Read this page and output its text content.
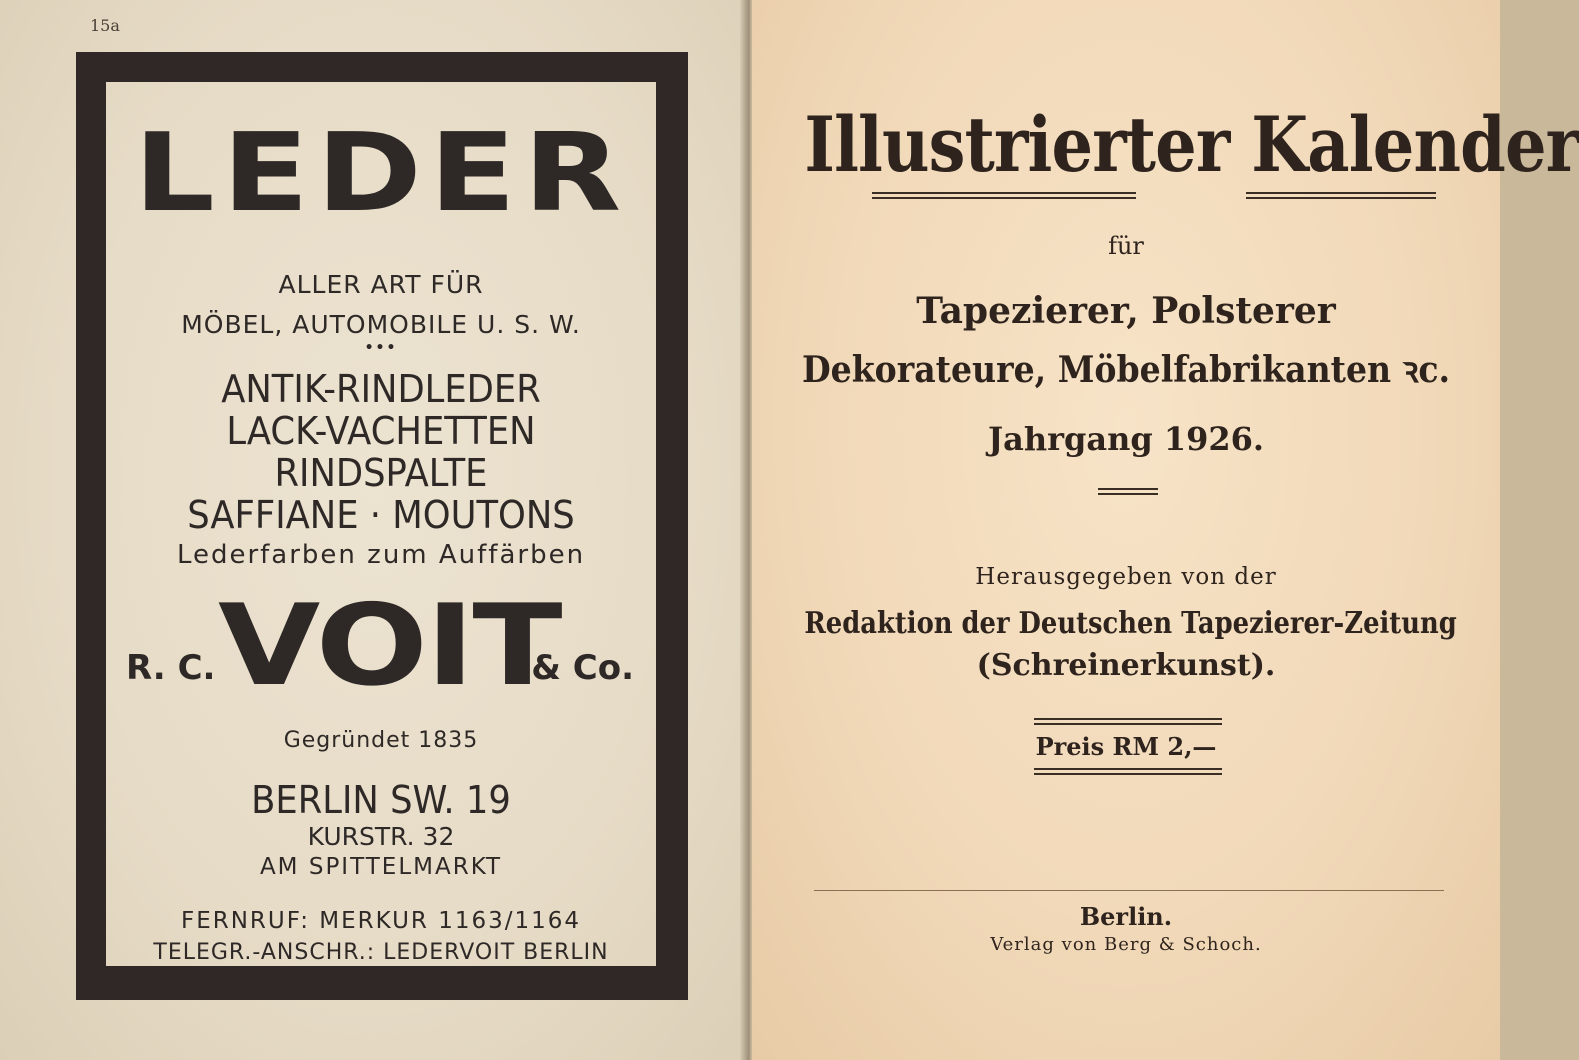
15a
LEDER
ALLER ART FÜR
MÖBEL, AUTOMOBILE U. S. W.
•••
ANTIK-RINDLEDER
LACK-VACHETTEN
RINDSPALTE
SAFFIANE · MOUTONS
Lederfarben zum Auffärben
R. C. VOIT
& Co.
Gegründet 1835
BERLIN SW. 19
KURSTR. 32
AM SPITTELMARKT
FERNRUF: MERKUR 1163/1164
TELEGR.-ANSCHR.: LEDERVOIT BERLIN
Illustrierter Kalender
für
Tapezierer, Polsterer
Dekorateure, Möbelfabrikanten ꝛc.
Jahrgang 1926.
Herausgegeben von der
Redaktion der Deutschen Tapezierer-Zeitung
(Schreinerkunst).
Preis RM 2,—
Berlin.
Verlag von Berg & Schoch.
